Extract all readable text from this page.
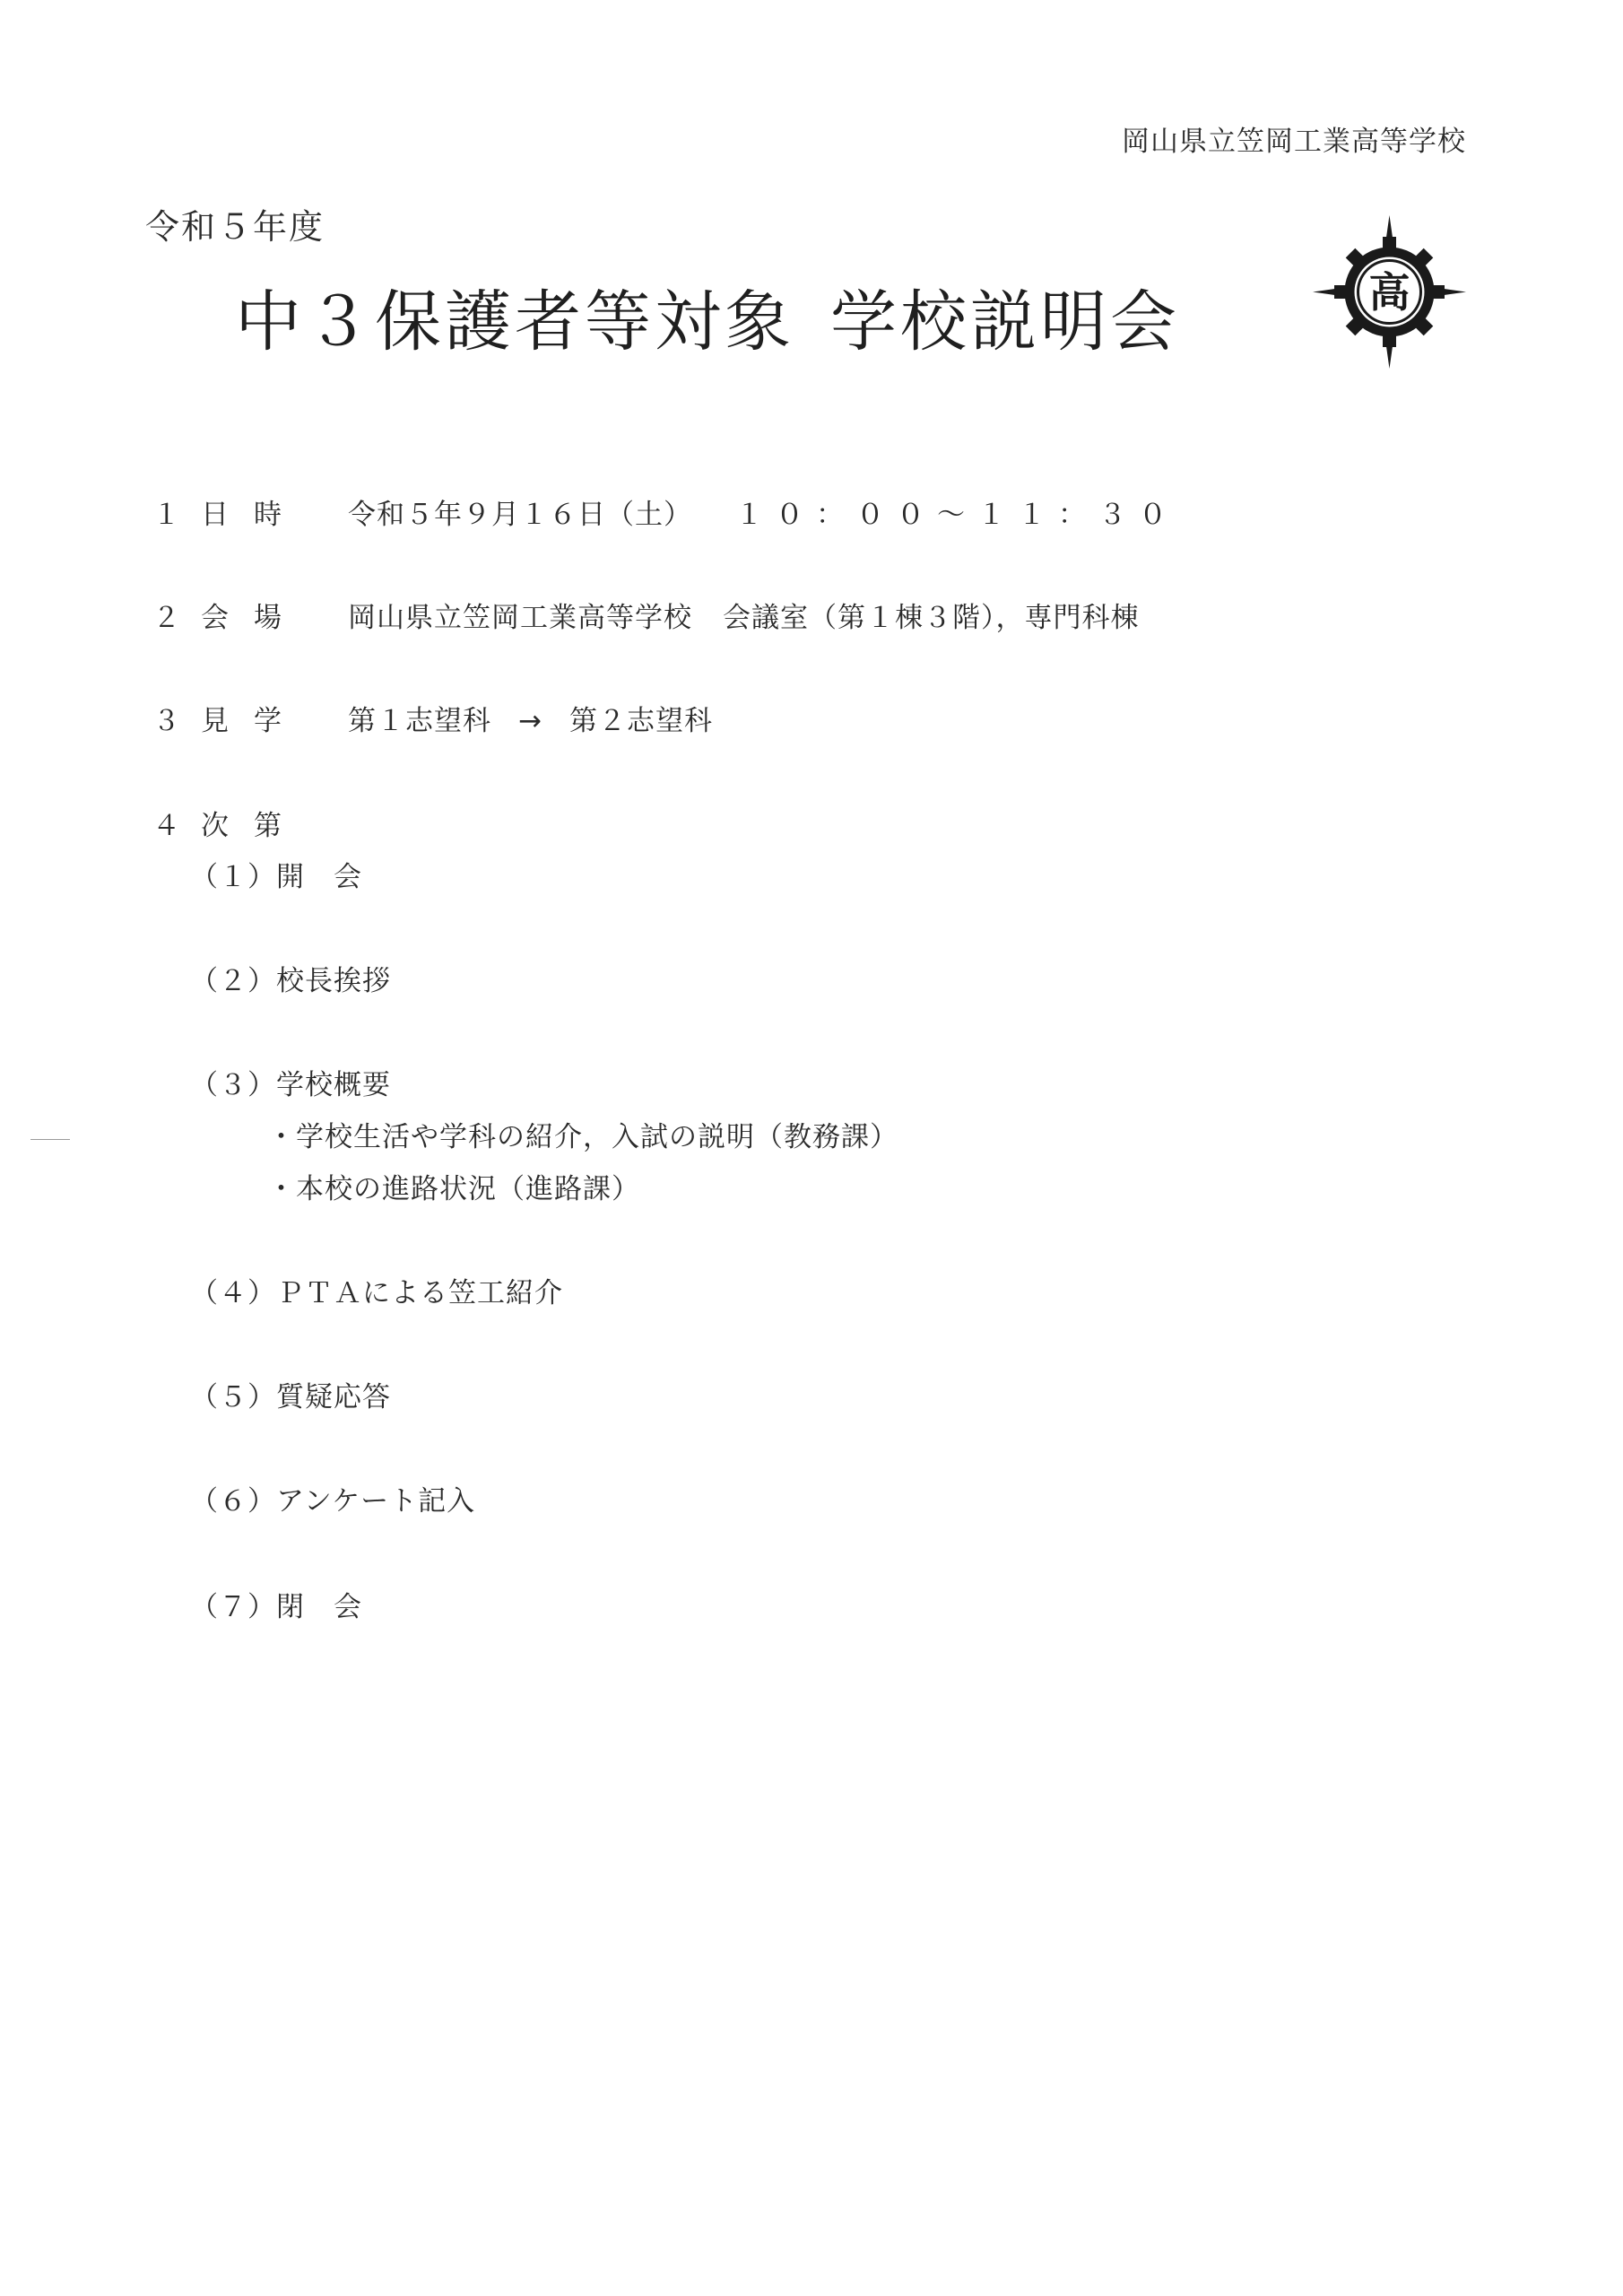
岡山県立笠岡工業高等学校
令和５年度
中３保護者等対象 学校説明会	高
１ 日時 令和５年９月１６日（土） １０：００〜１１：３０
２ 会場 岡山県立笠岡工業高等学校 会議室（第１棟３階），専門科棟
３ 見学 第１志望科 → 第２志望科
４ 次第
（１）開　会
（２）校長挨拶
（３）学校概要
・学校生活や学科の紹介，入試の説明（教務課）
・本校の進路状況（進路課）
（４）ＰＴＡによる笠工紹介
（５）質疑応答
（６）アンケート記入
（７）閉　会
